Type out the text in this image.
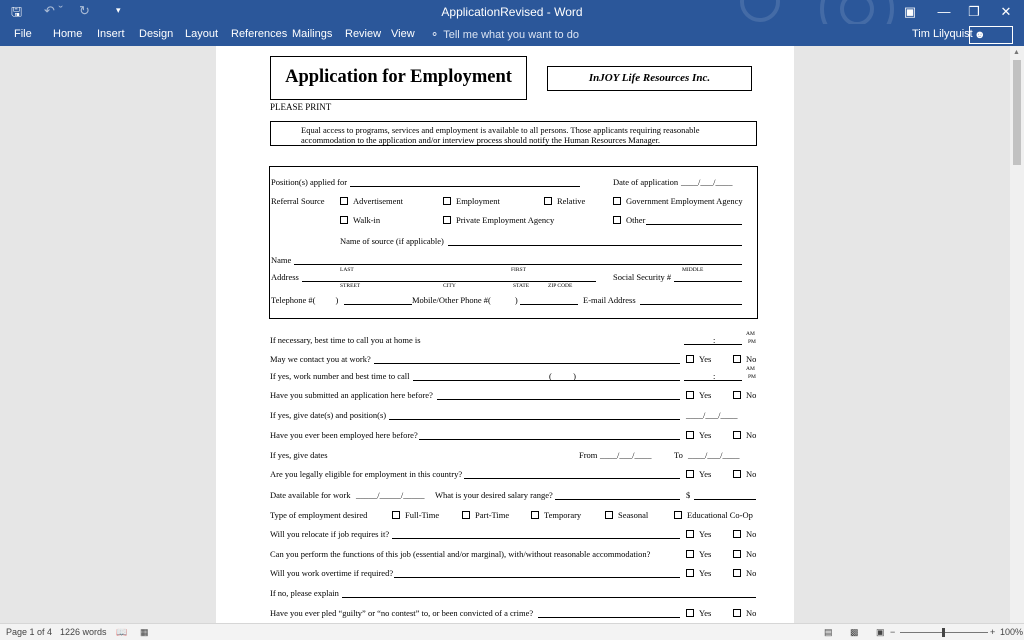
🖫 ↶ ˇ ↻	▾	ApplicationRevised - Word	▣	—	❐	✕
File Home Insert Design Layout References Mailings Review View ⚬ Tell me what you want to do	Tim Lilyquist ☻
Application for Employment	InJOY Life Resources Inc.
PLEASE PRINT
Equal access to programs, services and employment is available to all persons. Those applicants requiring reasonable
accommodation to the application and/or interview process should notify the Human Resources Manager.
Position(s) applied for	Date of application ____/___/____
Referral Source	Advertisement	Employment	Relative	Government Employment Agency
Walk-in	Private Employment Agency	Other
Name of source (if applicable)
Name
LAST	FIRST	MIDDLE
Address	Social Security #
STREET	CITY	STATE	ZIP CODE
Telephone #( )	Mobile/Other Phone #(	)	E-mail Address
AM
If necessary, best time to call you at home is	:	PM
May we contact you at work?	Yes	No
AM
If yes, work number and best time to call	(          )	:	PM
Have you submitted an application here before?	Yes	No
If yes, give date(s) and position(s)	____/___/____
Have you ever been employed here before?	Yes	No
If yes, give dates	From ____/___/____	To ____/___/____
Are you legally eligible for employment in this country?	Yes	No
Date available for work _____/_____/_____ What is your desired salary range?	$
Type of employment desired	Full-Time	Part-Time	Temporary	Seasonal	Educational Co-Op
Will you relocate if job requires it?	Yes	No
Can you perform the functions of this job (essential and/or marginal), with/without reasonable accommodation?	Yes	No
Will you work overtime if required?	Yes	No
If no, please explain
Have you ever pled “guilty” or “no contest” to, or been convicted of a crime?	Yes	No
▲
Page 1 of 4 1226 words 📖 ▦	▤ ▩ ▣ −	+ 100%
